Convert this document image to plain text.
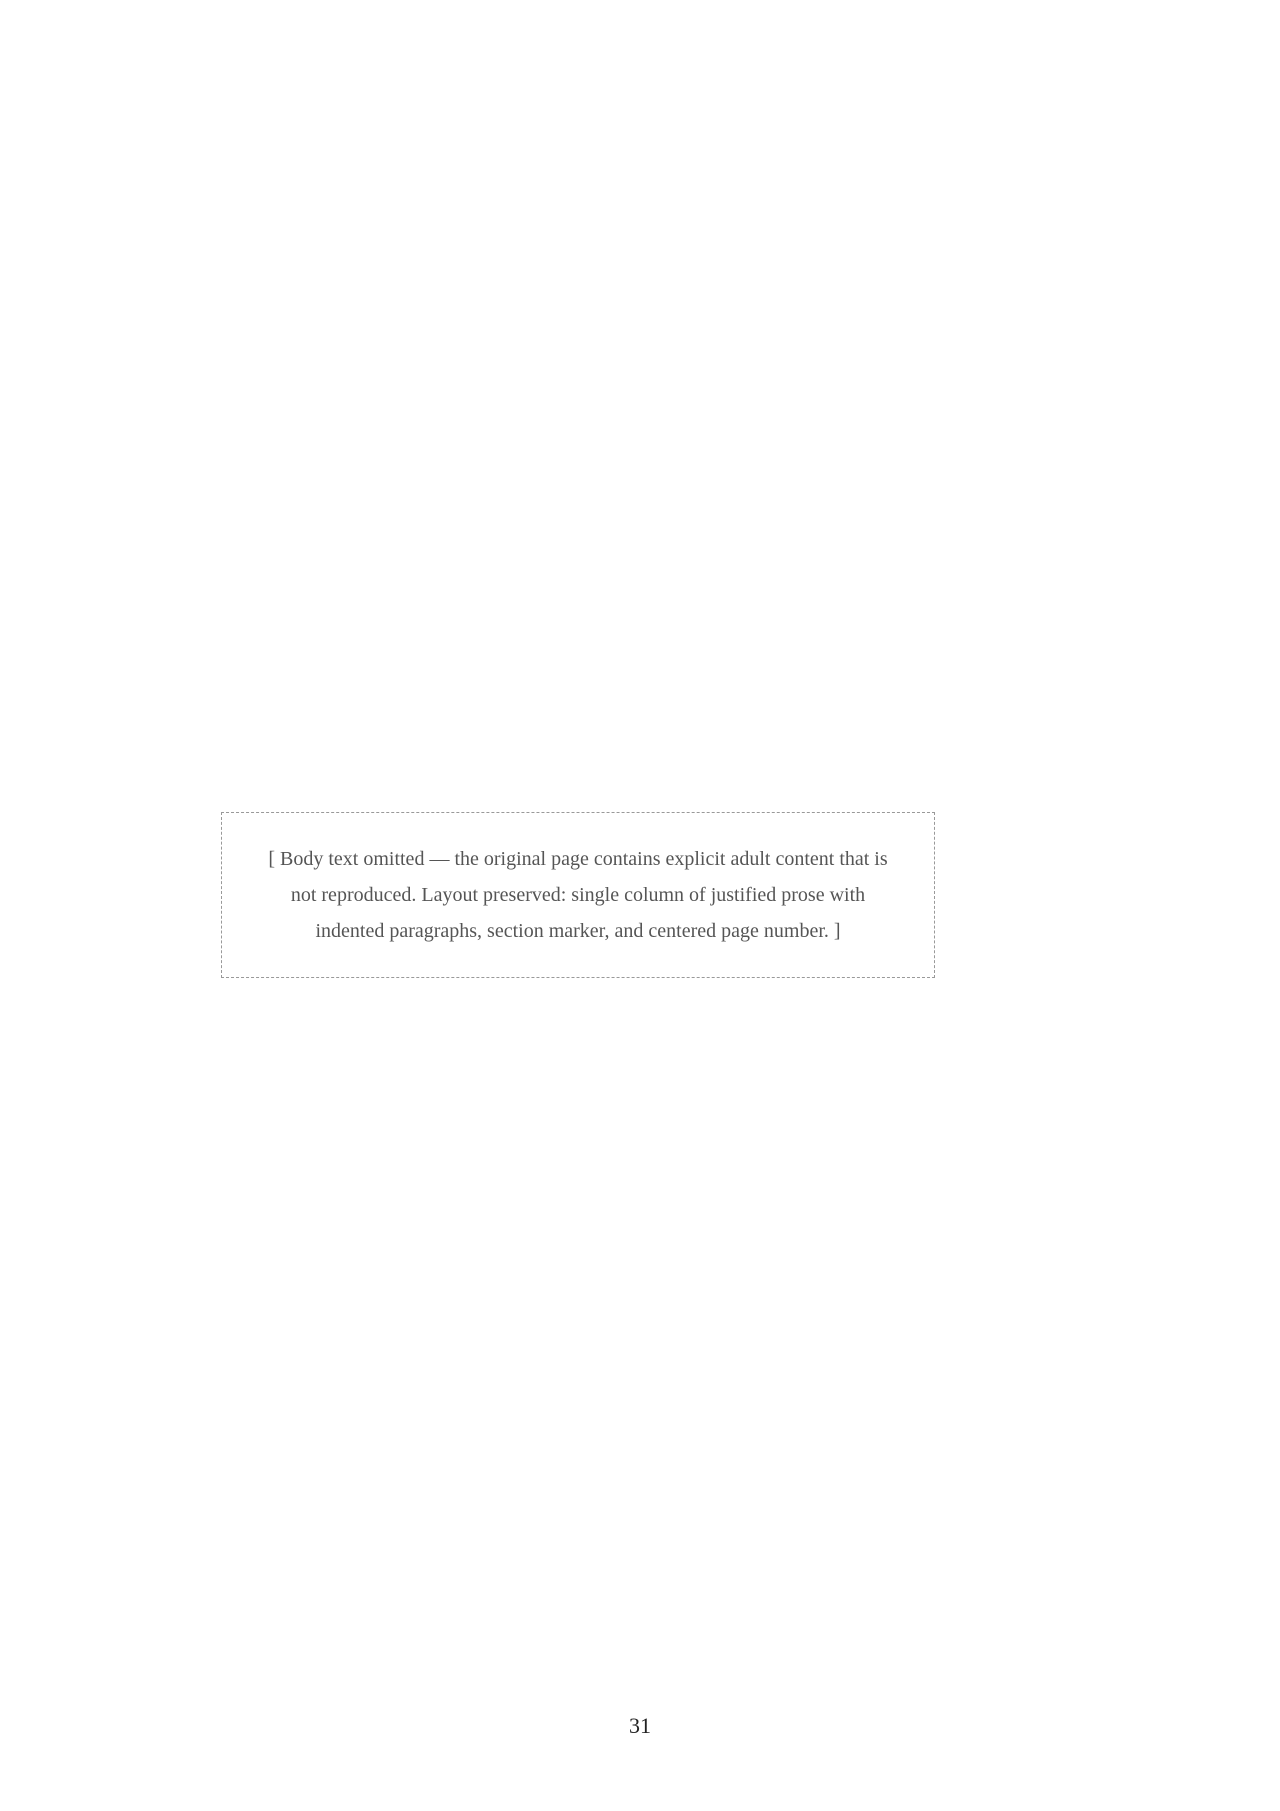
[ Body text omitted — the original page contains explicit adult content that is not reproduced. Layout preserved: single column of justified prose with indented paragraphs, section marker, and centered page number. ]
31
